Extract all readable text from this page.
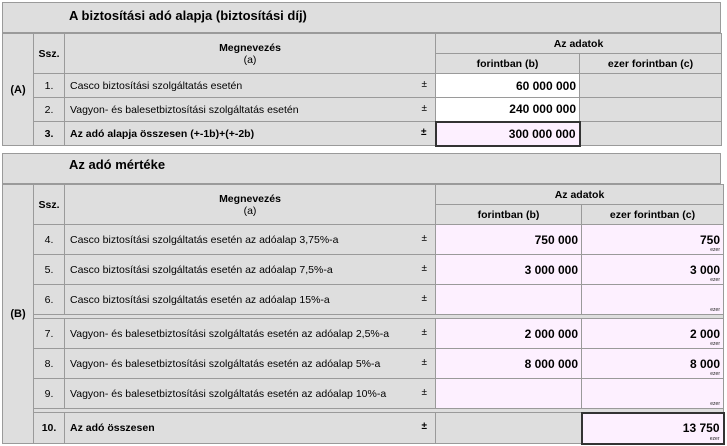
A biztosítási adó alapja (biztosítási díj)
(A)	Ssz.	Megnevezés
(a)	Az adatok	
			forintban (b)	ezer forintban (c)
	1.	Casco biztosítási szolgáltatás esetén ±	60 000 000	
	2.	Vagyon- és balesetbiztosítási szolgáltatás esetén ±	240 000 000	
	3.	Az adó alapja összesen (+-1b)+(+-2b) ±	300 000 000	
Az adó mértéke
(B)	Ssz.	Megnevezés
(a)	Az adatok	
			forintban (b)	ezer forintban (c)
	4.	Casco biztosítási szolgáltatás esetén az adóalap 3,75%-a ±	750 000	750
ezer

	5.	Casco biztosítási szolgáltatás esetén az adóalap 7,5%-a ±	3 000 000	3 000
ezer

	6.	Casco biztosítási szolgáltatás esetén az adóalap 15%-a ±		ezer

	7.	Vagyon- és balesetbiztosítási szolgáltatás esetén az adóalap 2,5%-a ±	2 000 000	2 000
ezer

	8.	Vagyon- és balesetbiztosítási szolgáltatás esetén az adóalap 5%-a ±	8 000 000	8 000
ezer

	9.	Vagyon- és balesetbiztosítási szolgáltatás esetén az adóalap 10%-a ±		ezer

	10.	Az adó összesen ±		13 750
ezer
